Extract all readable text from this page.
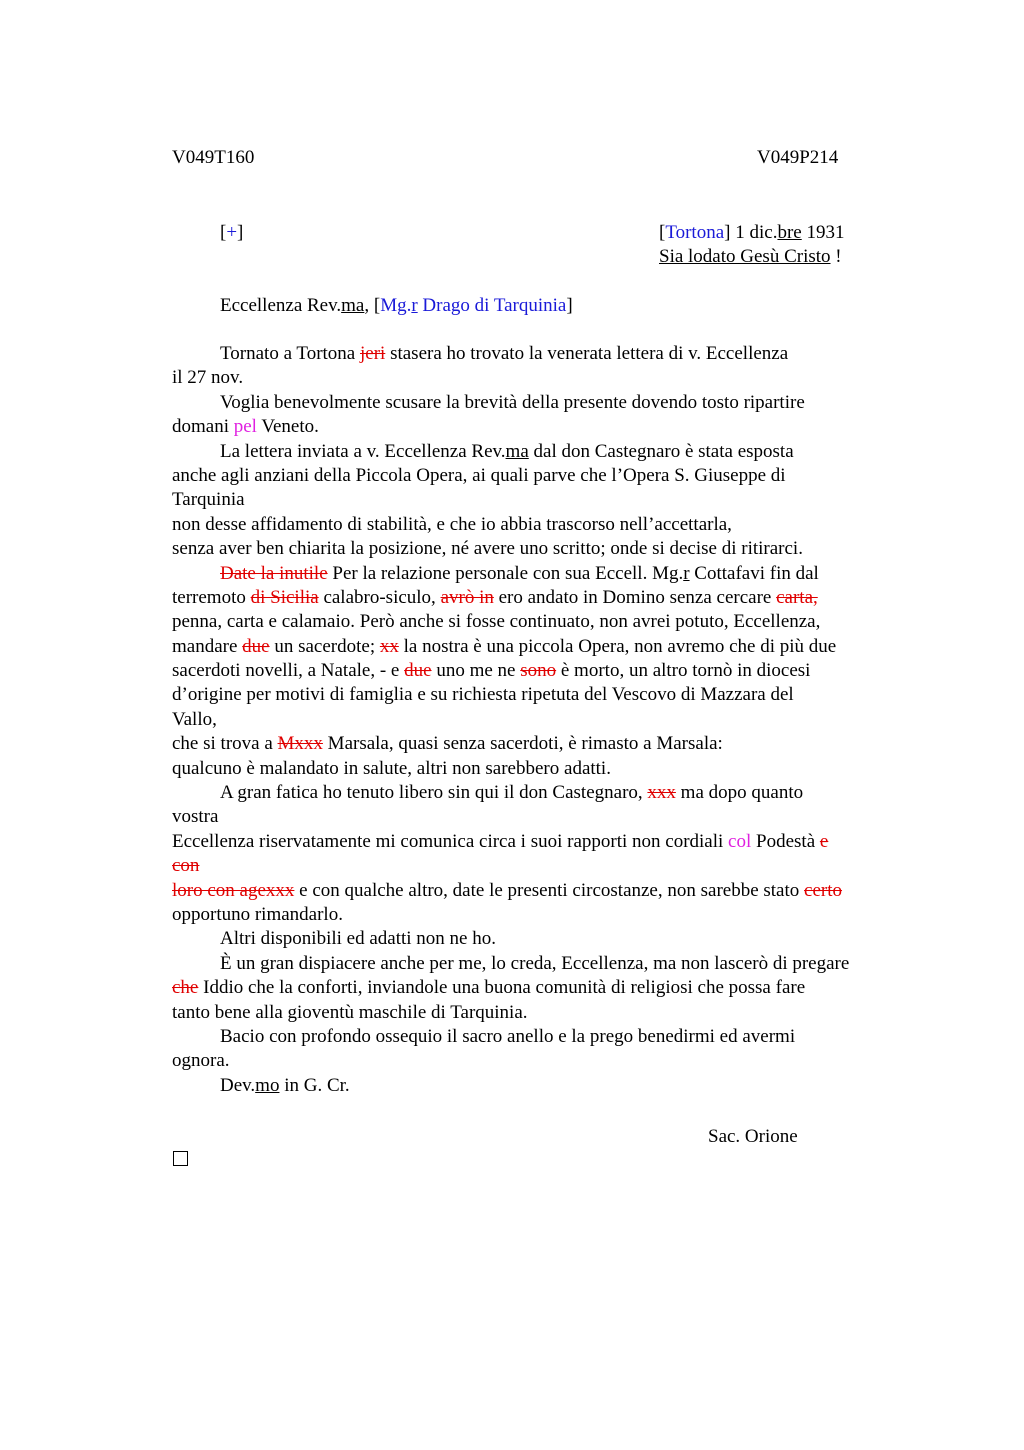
V049T160	V049P214
[+]	[Tortona] 1 dic.bre 1931
Sia lodato Gesù Cristo !
Eccellenza Rev.ma, [Mg.r Drago di Tarquinia]
Tornato a Tortona jeri stasera ho trovato la venerata lettera di v. Eccellenza
il 27 nov.
Voglia benevolmente scusare la brevità della presente dovendo tosto ripartire
domani pel Veneto.
La lettera inviata a v. Eccellenza Rev.ma dal don Castegnaro è stata esposta
anche agli anziani della Piccola Opera, ai quali parve che l’Opera S. Giuseppe di
Tarquinia
non desse affidamento di stabilità, e che io abbia trascorso nell’accettarla,
senza aver ben chiarita la posizione, né avere uno scritto; onde si decise di ritirarci.
Date la inutile Per la relazione personale con sua Eccell. Mg.r Cottafavi fin dal
terremoto di Sicilia calabro-siculo, avrò in ero andato in Domino senza cercare carta,
penna, carta e calamaio. Però anche si fosse continuato, non avrei potuto, Eccellenza,
mandare due un sacerdote; xx la nostra è una piccola Opera, non avremo che di più due
sacerdoti novelli, a Natale, - e due uno me ne sono è morto, un altro tornò in diocesi
d’origine per motivi di famiglia e su richiesta ripetuta del Vescovo di Mazzara del
Vallo,
che si trova a Mxxx Marsala, quasi senza sacerdoti, è rimasto a Marsala:
qualcuno è malandato in salute, altri non sarebbero adatti.
A gran fatica ho tenuto libero sin qui il don Castegnaro, xxx ma dopo quanto
vostra
Eccellenza riservatamente mi comunica circa i suoi rapporti non cordiali col Podestà e
con
loro con agexxx e con qualche altro, date le presenti circostanze, non sarebbe stato certo
opportuno rimandarlo.
Altri disponibili ed adatti non ne ho.
È un gran dispiacere anche per me, lo creda, Eccellenza, ma non lascerò di pregare
che Iddio che la conforti, inviandole una buona comunità di religiosi che possa fare
tanto bene alla gioventù maschile di Tarquinia.
Bacio con profondo ossequio il sacro anello e la prego benedirmi ed avermi
ognora.
Dev.mo in G. Cr.
Sac. Orione
